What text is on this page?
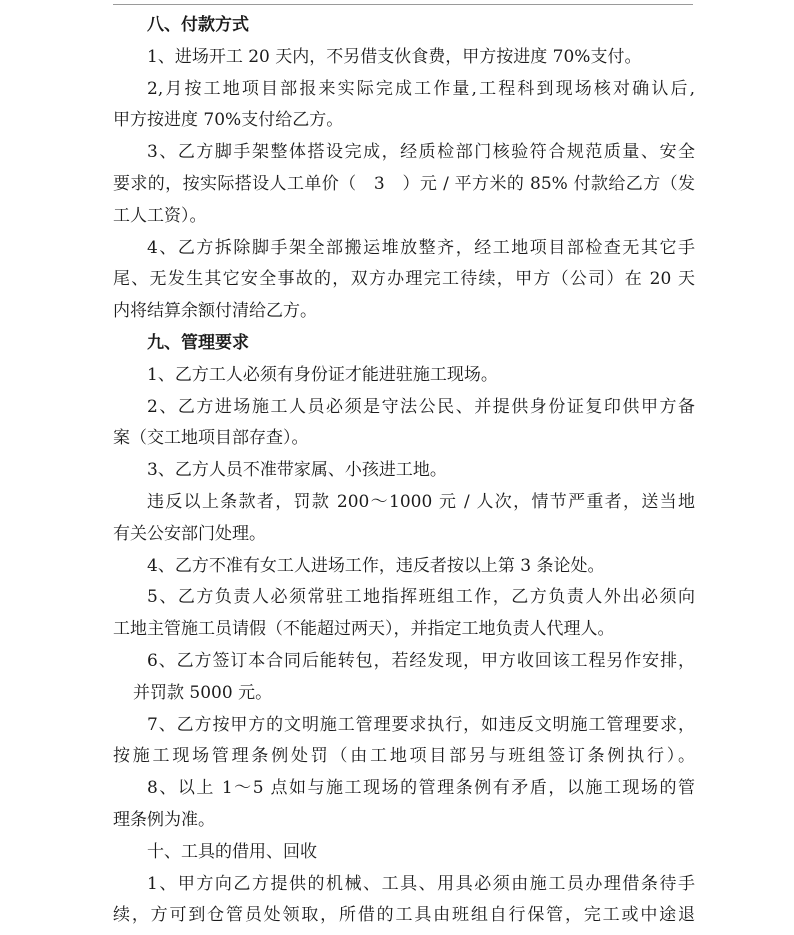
八、付款方式
1、进场开工 20 天内，不另借支伙食费，甲方按进度 70%支付。
2,月按工地项目部报来实际完成工作量,工程科到现场核对确认后,
甲方按进度 70%支付给乙方。
3、乙方脚手架整体搭设完成，经质检部门核验符合规范质量、安全
要求的，按实际搭设人工单价（　3　）元 / 平方米的 85% 付款给乙方（发
工人工资）。
4、乙方拆除脚手架全部搬运堆放整齐，经工地项目部检查无其它手
尾、无发生其它安全事故的，双方办理完工待续，甲方（公司）在 20 天
内将结算余额付清给乙方。
九、管理要求
1、乙方工人必须有身份证才能进驻施工现场。
2、乙方进场施工人员必须是守法公民、并提供身份证复印供甲方备
案（交工地项目部存查）。
3、乙方人员不准带家属、小孩进工地。
违反以上条款者，罚款 200～1000 元 / 人次，情节严重者，送当地
有关公安部门处理。
4、乙方不准有女工人进场工作，违反者按以上第 3 条论处。
5、乙方负责人必须常驻工地指挥班组工作，乙方负责人外出必须向
工地主管施工员请假（不能超过两天），并指定工地负责人代理人。
6、乙方签订本合同后能转包，若经发现，甲方收回该工程另作安排，
并罚款 5000 元。
7、乙方按甲方的文明施工管理要求执行，如违反文明施工管理要求，
按施工现场管理条例处罚（由工地项目部另与班组签订条例执行）。
8、以上 1～5 点如与施工现场的管理条例有矛盾，以施工现场的管
理条例为准。
十、工具的借用、回收
1、甲方向乙方提供的机械、工具、用具必须由施工员办理借条待手
续，方可到仓管员处领取，所借的工具由班组自行保管，完工或中途退
